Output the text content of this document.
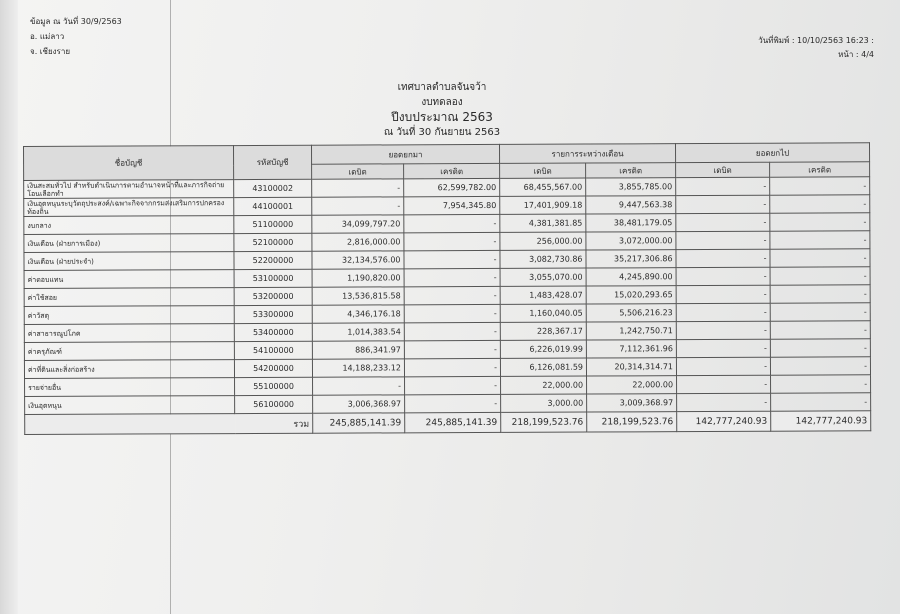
ข้อมูล ณ วันที่ 30/9/2563
อ. แม่ลาว
จ. เชียงราย
วันที่พิมพ์ : 10/10/2563 16:23 :
หน้า : 4/4
เทศบาลตำบลจันจว้า
งบทดลอง
ปีงบประมาณ 2563
ณ วันที่ 30 กันยายน 2563
ชื่อบัญชี	รหัสบัญชี	ยอดยกมา		รายการระหว่างเดือน		ยอดยกไป	
		เดบิต	เครดิต	เดบิต	เครดิต	เดบิต	เครดิต
เงินสะสมทั่วไป สำหรับดำเนินการตามอำนาจหน้าที่และภารกิจถ่ายโอนเลือกทำ	43100002	-	62,599,782.00	68,455,567.00	3,855,785.00	-	-
เงินอุดหนุนระบุวัตถุประสงค์/เฉพาะกิจจากกรมส่งเสริมการปกครองท้องถิ่น	44100001	-	7,954,345.80	17,401,909.18	9,447,563.38	-	-
งบกลาง	51100000	34,099,797.20	-	4,381,381.85	38,481,179.05	-	-
เงินเดือน (ฝ่ายการเมือง)	52100000	2,816,000.00	-	256,000.00	3,072,000.00	-	-
เงินเดือน (ฝ่ายประจำ)	52200000	32,134,576.00	-	3,082,730.86	35,217,306.86	-	-
ค่าตอบแทน	53100000	1,190,820.00	-	3,055,070.00	4,245,890.00	-	-
ค่าใช้สอย	53200000	13,536,815.58	-	1,483,428.07	15,020,293.65	-	-
ค่าวัสดุ	53300000	4,346,176.18	-	1,160,040.05	5,506,216.23	-	-
ค่าสาธารณูปโภค	53400000	1,014,383.54	-	228,367.17	1,242,750.71	-	-
ค่าครุภัณฑ์	54100000	886,341.97	-	6,226,019.99	7,112,361.96	-	-
ค่าที่ดินและสิ่งก่อสร้าง	54200000	14,188,233.12	-	6,126,081.59	20,314,314.71	-	-
รายจ่ายอื่น	55100000	-	-	22,000.00	22,000.00	-	-
เงินอุดหนุน	56100000	3,006,368.97	-	3,000.00	3,009,368.97	-	-
	รวม	245,885,141.39	245,885,141.39	218,199,523.76	218,199,523.76	142,777,240.93	142,777,240.93
